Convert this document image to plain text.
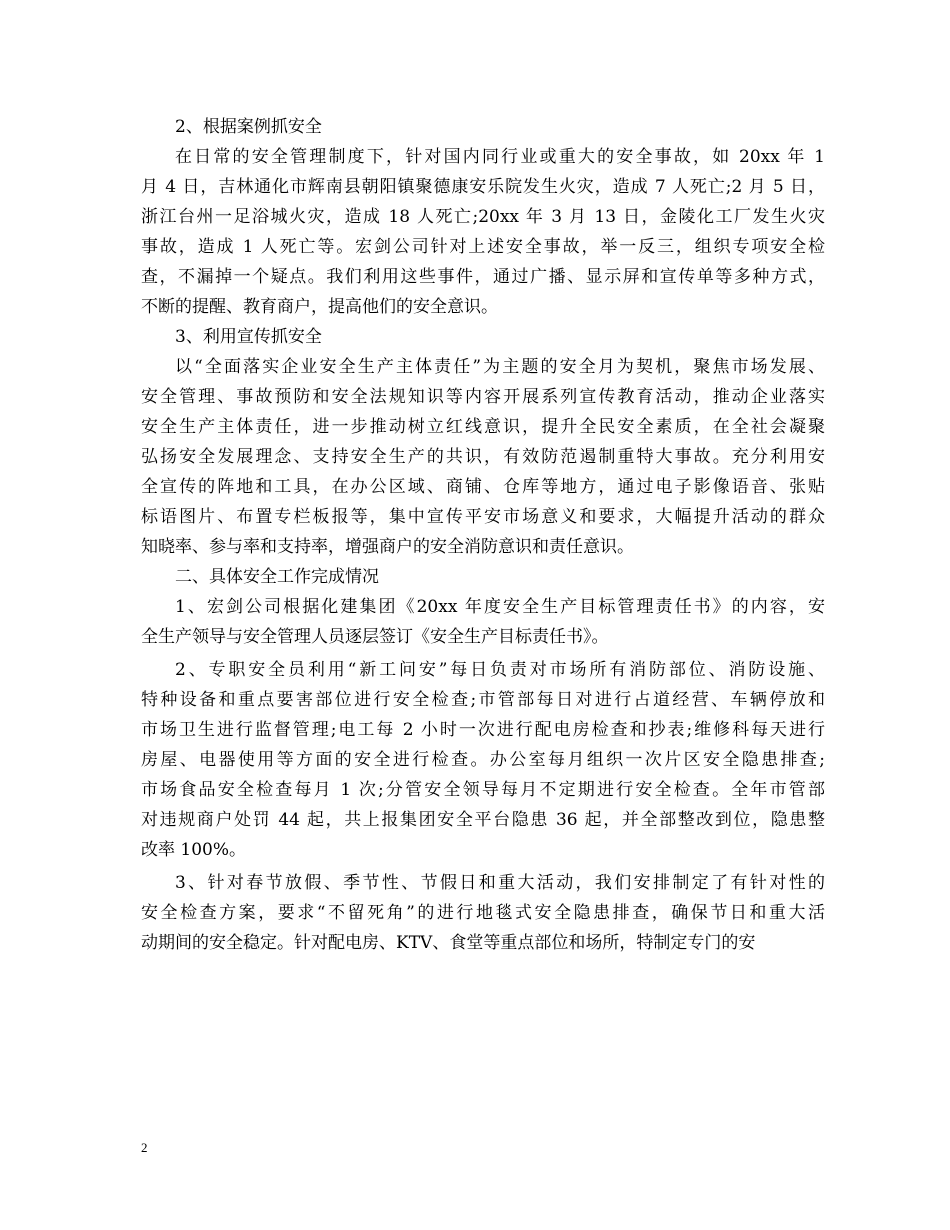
2、根据案例抓安全
在日常的安全管理制度下，针对国内同行业或重大的安全事故，如 20xx 年 1
月 4 日，吉林通化市辉南县朝阳镇聚德康安乐院发生火灾，造成 7 人死亡;2 月 5 日，
浙江台州一足浴城火灾，造成 18 人死亡;20xx 年 3 月 13 日，金陵化工厂发生火灾
事故，造成 1 人死亡等。宏剑公司针对上述安全事故，举一反三，组织专项安全检
查，不漏掉一个疑点。我们利用这些事件，通过广播、显示屏和宣传单等多种方式，
不断的提醒、教育商户，提高他们的安全意识。
3、利用宣传抓安全
以“全面落实企业安全生产主体责任”为主题的安全月为契机，聚焦市场发展、
安全管理、事故预防和安全法规知识等内容开展系列宣传教育活动，推动企业落实
安全生产主体责任，进一步推动树立红线意识，提升全民安全素质，在全社会凝聚
弘扬安全发展理念、支持安全生产的共识，有效防范遏制重特大事故。充分利用安
全宣传的阵地和工具，在办公区域、商铺、仓库等地方，通过电子影像语音、张贴
标语图片、布置专栏板报等，集中宣传平安市场意义和要求，大幅提升活动的群众
知晓率、参与率和支持率，增强商户的安全消防意识和责任意识。
二、具体安全工作完成情况
1、宏剑公司根据化建集团《20xx 年度安全生产目标管理责任书》的内容，安
全生产领导与安全管理人员逐层签订《安全生产目标责任书》。
2、专职安全员利用“新工问安”每日负责对市场所有消防部位、消防设施、
特种设备和重点要害部位进行安全检查;市管部每日对进行占道经营、车辆停放和
市场卫生进行监督管理;电工每 2 小时一次进行配电房检查和抄表;维修科每天进行
房屋、电器使用等方面的安全进行检查。办公室每月组织一次片区安全隐患排查;
市场食品安全检查每月 1 次;分管安全领导每月不定期进行安全检查。全年市管部
对违规商户处罚 44 起，共上报集团安全平台隐患 36 起，并全部整改到位，隐患整
改率 100%。
3、针对春节放假、季节性、节假日和重大活动，我们安排制定了有针对性的
安全检查方案，要求“不留死角”的进行地毯式安全隐患排查，确保节日和重大活
动期间的安全稳定。针对配电房、KTV、食堂等重点部位和场所，特制定专门的安
2
